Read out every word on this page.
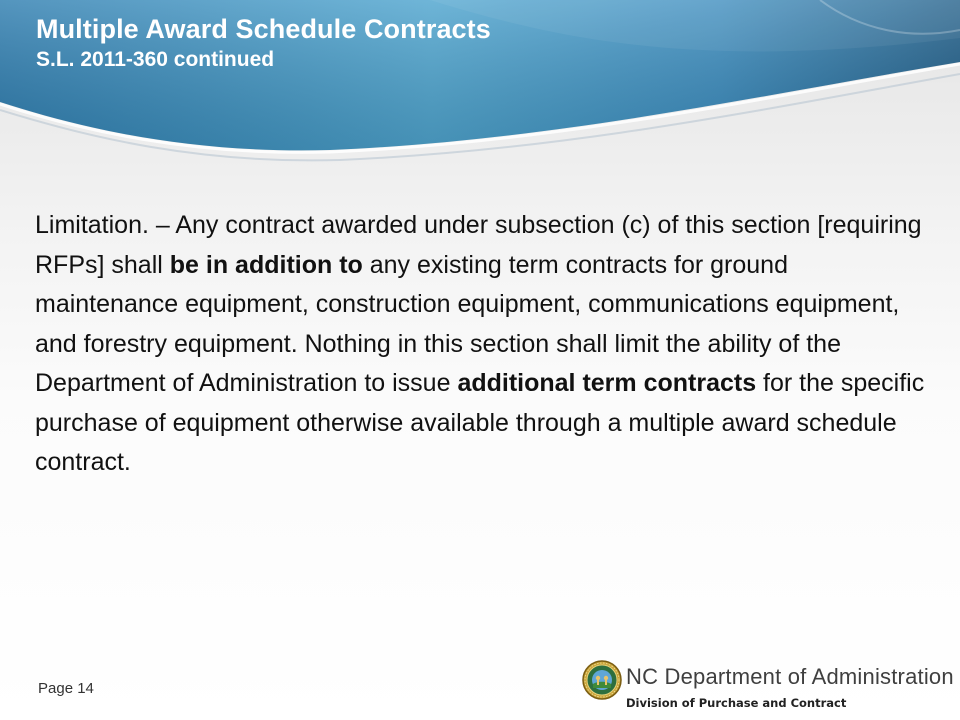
Multiple Award Schedule Contracts
S.L. 2011-360 continued
Limitation. – Any contract awarded under subsection (c) of this section [requiring RFPs] shall be in addition to any existing term contracts for ground maintenance equipment, construction equipment, communications equipment, and forestry equipment. Nothing in this section shall limit the ability of the Department of Administration to issue additional term contracts for the specific purchase of equipment otherwise available through a multiple award schedule contract.
Page 14	NC Department of Administration
Division of Purchase and Contract
